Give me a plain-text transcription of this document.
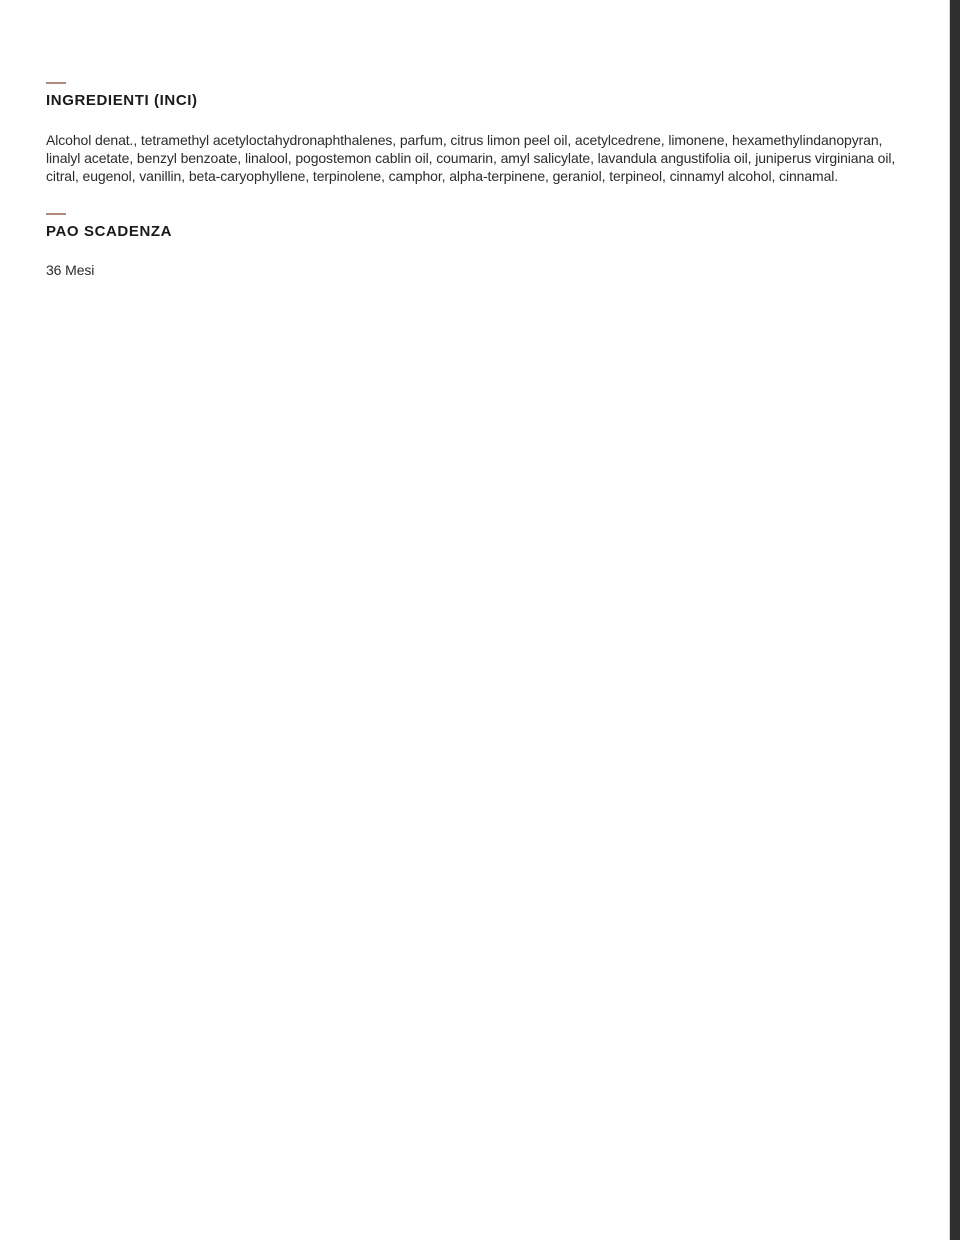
INGREDIENTI (INCI)

Alcohol denat., tetramethyl acetyloctahydronaphthalenes, parfum, citrus limon peel oil, acetylcedrene, limonene, hexamethylindanopyran, linalyl acetate, benzyl benzoate, linalool, pogostemon cablin oil, coumarin, amyl salicylate, lavandula angustifolia oil, juniperus virginiana oil, citral, eugenol, vanillin, beta-caryophyllene, terpinolene, camphor, alpha-terpinene, geraniol, terpineol, cinnamyl alcohol, cinnamal.

PAO SCADENZA

36 Mesi
